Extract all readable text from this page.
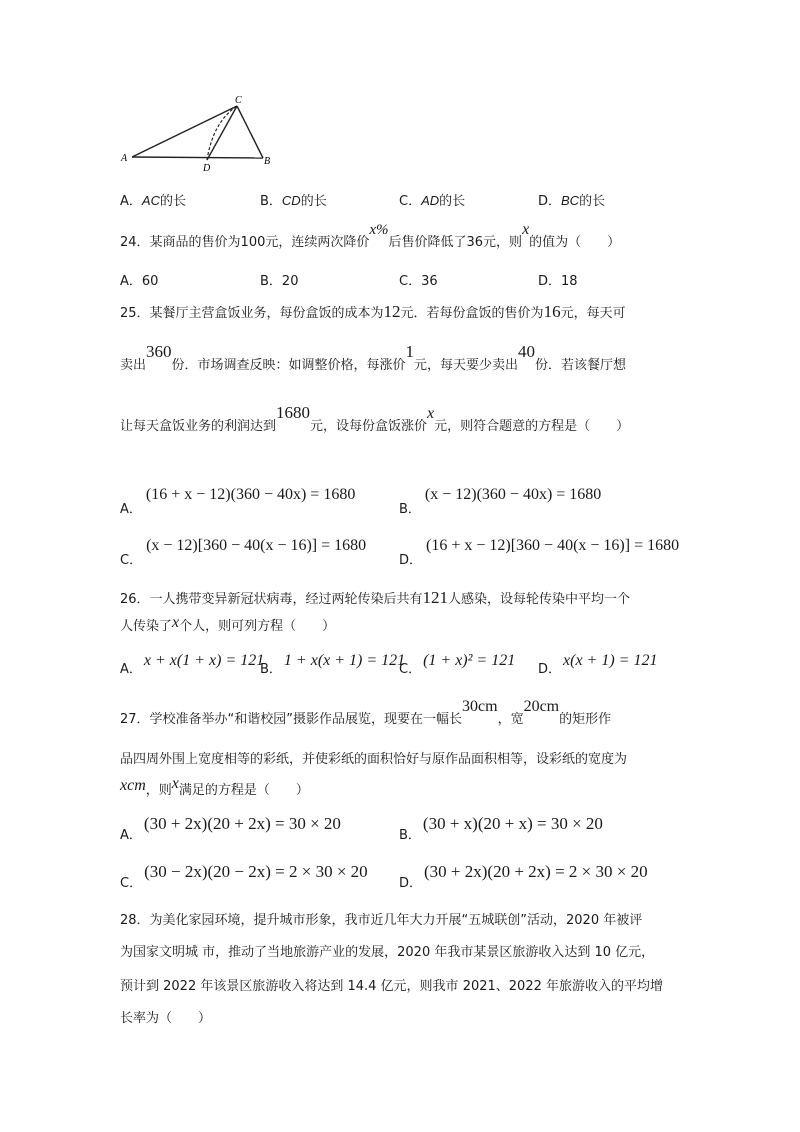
C
A
D
B
A．AC的长	B．CD的长	C．AD的长	D．BC的长
24．某商品的售价为100元，连续两次降价x%后售价降低了36元，则x的值为（　　）
A．60	B．20	C．36	D．18
25．某餐厅主营盒饭业务，每份盒饭的成本为12元．若每份盒饭的售价为16元，每天可
卖出360份．市场调查反映：如调整价格，每涨价1元，每天要少卖出40份．若该餐厅想
让每天盒饭业务的利润达到1680元，设每份盒饭涨价x元，则符合题意的方程是（　　）
$_{A.}$(16 + x − 12)(360 − 40x) = 1680
$_{B.}$(x − 12)(360 − 40x) = 1680
$_{C.}$(x − 12)[360 − 40(x − 16)] = 1680
$_{D.}$(16 + x − 12)[360 − 40(x − 16)] = 1680
26．一人携带变异新冠状病毒，经过两轮传染后共有121人感染，设每轮传染中平均一个
人传染了x个人，则可列方程（　　）
$_{A.}$x + x(1 + x) = 121
$_{B.}$1 + x(x + 1) = 121
$_{C.}$(1 + x)² = 121
$_{D.}$x(x + 1) = 121
27．学校准备举办“和谐校园”摄影作品展览，现要在一幅长30cm，宽20cm的矩形作
品四周外围上宽度相等的彩纸，并使彩纸的面积恰好与原作品面积相等，设彩纸的宽度为
xcm，则x满足的方程是（　　）
$_{A.}$(30 + 2x)(20 + 2x) = 30 × 20
$_{B.}$(30 + x)(20 + x) = 30 × 20
$_{C.}$(30 − 2x)(20 − 2x) = 2 × 30 × 20
$_{D.}$(30 + 2x)(20 + 2x) = 2 × 30 × 20
28．为美化家园环境，提升城市形象，我市近几年大力开展“五城联创”活动，2020 年被评
为国家文明城 市，推动了当地旅游产业的发展，2020 年我市某景区旅游收入达到 10 亿元，
预计到 2022 年该景区旅游收入将达到 14.4 亿元，则我市 2021、2022 年旅游收入的平均增
长率为（　　）
